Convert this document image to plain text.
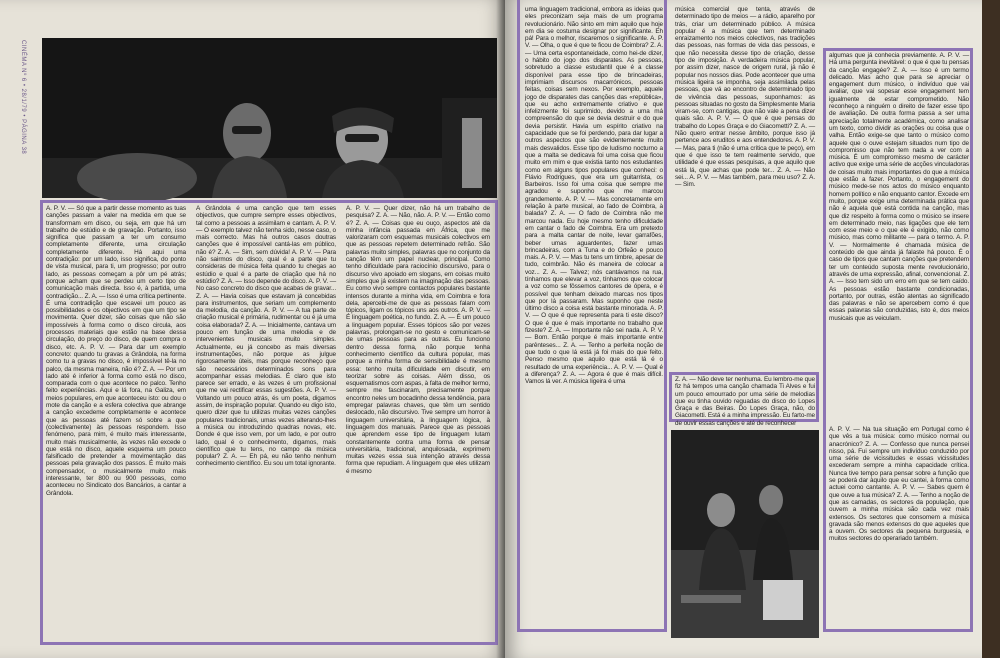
CINÉMA Nº 6 • 28/1/79 • PÁGINA 38

A. P. V. — Só que a partir desse momento as tuas canções passam a valer na medida em que se transformam em disco, ou seja, em que há um trabalho de estúdio e de gravação. Portanto, isso significa que passam a ter um consumo completamente diferente, uma circulação completamente diferente. Há aqui uma contradição: por um lado, isso significa, do ponto de vista musical, para ti, um progresso; por outro lado, as pessoas começam a pôr um pé atrás; porque acham que se perdeu um certo tipo de comunicação mais directa. Isso é, à partida, uma contradição... Z. A. — Isso é uma crítica pertinente. É uma contradição que escavei um pouco as possibilidades e os objectivos em que um tipo se movimenta. Quer dizer, são coisas que não são impossíveis à forma como o disco circula, aos processos materiais que estão na base dessa circulação, do preço do disco, de quem compra o disco, etc. A. P. V. — Para dar um exemplo concreto: quando tu gravas a Grândola, na forma como tu a gravas no disco, é impossível tê-la no palco, da mesma maneira, não é? Z. A. — Por um lado até é inferior à forma como está no disco, comparada com o que acontece no palco. Tenho feito experiências. Aqui e lá fora, na Galiza, em meios populares, em que aconteceu isto: ou dou o mote da canção e a esfera colectiva que abrange a canção excedeme completamente e acontece que as pessoas até fazem só sobre a que (colectivamente) às pessoas respondem. Isso fenómeno, para mim, é muito mais interessante, muito mais musicalmente, às vezes não excede o que está no disco, aquele esquema um pouco falsificado de pretender a movimentação das pessoas pela gravação dos passos. É muito mais compensador, o musicalmente muito mais interessante, ter 800 ou 900 pessoas, como aconteceu no Sindicato dos Bancários, a cantar a Grândola.

A Grândola é uma canção que tem esses objectivos, que cumpre sempre esses objectivos, tal como a pessoas a assimilam e cantam. A. P. V. — O exemplo talvez não tenha sido, nesse caso, o mais correcto. Mas há outros casos doutras canções que é impossível cantá-las em público, não é? Z. A. — Sim, sem dúvida! A. P. V. — Para não sairmos do disco, qual é a parte que tu consideras de música feita quando tu chegas ao estúdio e qual é a parte de criação que há no estúdio? Z. A. — Isso depende do disco. A. P. V. — No caso concreto do disco que acabas de gravar... Z. A. — Havia coisas que estavam já concebidas para instrumentos, que seriam um complemento da melodia, da canção. A. P. V. — A tua parte de criação musical é primária, rudimentar ou é já uma coisa elaborada? Z. A. — Inicialmente, cantava um pouco em função de uma melodia e de intervenientes musicais muito simples. Actualmente, eu já concebo as mais diversas instrumentações, não porque as julgue rigorosamente úteis, mas porque reconheço que são necessários determinados sons para acompanhar essas melodias. É claro que isto parece ser errado, e às vezes é um profissional que me vai rectificar essas sugestões. A. P. V. — Voltando um pouco atrás, és um poeta, digamos assim, de inspiração popular. Quando eu digo isto, quero dizer que tu utilizas muitas vezes canções populares tradicionais, umas vezes alterando-lhes a música ou introduzindo quadras novas, etc. Donde é que isso vem, por um lado, e por outro lado, qual é o conhecimento, digamos, mais científico que tu tens, no campo da música popular? Z. A. — Eh pá, eu não tenho nenhum conhecimento científico. Eu sou um total ignorante.

A. P. V. — Quer dizer, não há um trabalho de pesquisa? Z. A. — Não, não. A. P. V. — Então como é? Z. A. — Coisas que eu ouço, aspectos até da minha infância passada em África, que me valorizaram com esquemas musicais colectivos em que as pessoas repetem determinado refrão. São palavras muito simples, palavras que no conjunto da canção têm um papel nuclear, principal. Como tenho dificuldade para raciocínio discursivo, para o discurso vivo apoiado em slogans, em coisas muito simples que já existem na imaginação das pessoas. Eu como vivo sempre contactos populares bastante intensos durante a minha vida, em Coimbra e fora dela, apercebi-me de que as pessoas falam com tópicos, ligam os tópicos uns aos outros. A. P. V. — É linguagem poética, no fundo. Z. A. — É um pouco a linguagem popular. Esses tópicos são por vezes palavras, prolongam-se no gesto e comunicam-se de umas pessoas para as outras. Eu funciono dentro dessa forma, não porque tenha conhecimento científico da cultura popular, mas porque a minha forma de sensibilidade é mesmo essa: tenho muita dificuldade em discutir, em teorizar sobre as coisas. Além disso, os esquematismos com aspas, à falta de melhor termo, sempre me fascinaram, precisamente porque encontro neles um bocadinho dessa tendência, para empregar palavras chaves, que têm um sentido deslocado, não discursivo. Tive sempre um horror à linguagem universitária, à linguagem lógica, à linguagem dos manuais. Parece que as pessoas que aprendem esse tipo de linguagem lutam constantemente contra uma forma de pensar universitária, tradicional, anquilosada, exprimem muitas vezes essa sua intenção através dessa forma que repudiam. A linguagem que eles utilizam é mesmo

uma linguagem tradicional, embora as ideias que eles preconizam seja mais de um programa revolucionário. Não sinto em mim aquilo que hoje em dia se costuma designar por significante. Eh pá! Para o melhor, riscaremos o significante. A. P. V. — Olha, o que é que te ficou de Coimbra? Z. A. — Uma certa espontaneidade, como hei-de dizer, o hábito do jogo dos disparates. As pessoas, sobretudo a classe estudantil que é a classe disponível para esse tipo de brincadeiras, imprimiam discursos macarrónicos, pessoas feitas, coisas sem nexos. Por exemplo, aquele jogo de disparates das canções das «república», que eu acho extremamente criativo e que infelizmente foi suprimido, devido a uma má compreensão do que se devia destruir e do que devia persistir. Havia um espírito criativo na capacidade que se foi perdendo, para dar lugar a outros aspectos que são evidentemente muito mais desvalidos. Esse tipo de ludismo nocturno a que a malta se dedicava foi uma coisa que ficou muito em mim e que existia tanto nos estudantes como em alguns tipos populares que conheci: o Flávio Rodrigues, que era um guitarrista, os Barbeiros. Isso foi uma coisa que sempre me agradou e suponho que me marcou grandemente. A. P. V. — Mas concretamente em relação à parte musical, ao fado de Coimbra, à balada? Z. A. — O fado de Coimbra não me marcou nada. Eu hoje mesmo tenho dificuldade em cantar o fado de Coimbra. Era um pretexto para a malta cantar de noite, levar garrafões, beber umas aguardentes, fazer umas brincadeiras, com a Tuna e do Orfeão e pouco mais. A. P. V. — Mas tu tens um timbre, apesar de tudo, coimbrão. Não és maneira de colocar a voz... Z. A. — Talvez; nós cantávamos na rua, tínhamos que elevar a voz, tínhamos que colocar a voz como se fôssemos cantores de ópera, e é possível que tenham deixado marcas nos tipos que por lá passaram. Mas suponho que neste último disco a coisa está bastante minorada. A. P. V. — O que é que representa para ti este disco? O que é que é mais importante no trabalho que fizeste? Z. A. — Importante não sei nada. A. P. V. — Bom. Então porque é mais importante entre parênteses... Z. A. — Tenho a perfeita noção de que tudo o que lá está já foi mais do que feito. Penso mesmo que aquilo que está lá é o resultado de uma experiência... A. P. V. — Qual é a diferença? Z. A. — Agora é que é mais difícil. Vamos lá ver. A música ligeira é uma

música comercial que tenta, através de determinado tipo de meios — a rádio, aparelho por trás, criar um determinado público. A música popular é a música que tem determinado enraizamento nos meios colectivos, nas tradições das pessoas, nas formas de vida das pessoas, e que não necessita desse tipo de criação, desse tipo de imposição. A verdadeira música popular, por assim dizer, nasce de origem rural, já não é popular nos nossos dias. Pode acontecer que uma música ligeira se imponha, seja assimilada pelas pessoas, que vá ao encontro de determinado tipo de vivência das pessoas, suponhamos: as pessoas situadas no gosto da Simplesmente Maria viram-se, com cantigas, que não vale a pena dizer quais são. A. P. V. — O que é que pensas do trabalho do Lopes Graça e do Giacometti? Z. A. — Não quero entrar nesse âmbito, porque isso já pertence aos eruditos e aos entendedores. A. P. V. — Mas, para ti (não é uma crítica que te peço), em que é que isso te tem realmente servido, que utilidade é que essas pesquisas, a que aquilo que está lá, que achas que pode ter... Z. A. — Não sei... A. P. V. — Mas também, para meu uso? Z. A. — Sim.

Z. A. — Não deve ter nenhuma. Eu lembro-me que fiz há tempos uma canção chamada Ti Alves e fui um pouco emourrado por uma série de melodias que eu tinha ouvido reguadas do disco do Lopes Graça e das Beiras. Do Lopes Graça, não, do Giacometti. Está é a minha impressão. Eu farto-me de ouvir essas canções e até de reconhecer

algumas que já conhecia previamente. A. P. V. — Há uma pergunta inevitável: o que é que tu pensas da canção engagée? Z. A. — Isso é um termo delicado. Mas acho que para se apreciar o engagement dum músico, o indivíduo que vai avaliar, que vai sopesar esse engagement tem igualmente de estar comprometido. Não reconheço a ninguém o direito de fazer esse tipo de avaliação. De outra forma passa a ser uma apreciação totalmente académica, como analisar um texto, como dividir as orações ou coisa que o valha. Então exige-se que tanto o músico como aquele que o ouve estejam situados num tipo de compromisso que não tem nada a ver com a música. É um compromisso mesmo de carácter activo que exige uma série de acções vinculadoras de coisas muito mais importantes do que a música que estão a fazer. Portanto, o engagement do músico mede-se nos actos do músico enquanto homem político e não enquanto cantor. Excede em muito, porque exige uma determinada prática que não é aquela que está contida na canção, mas que diz respeito à forma como o músico se insere em determinado meio, nas ligações que ele tem com esse meio e o que ele é exigido, não como músico, mas como militante — para o termo. A. P. V. — Normalmente é chamada música de conteúdo de que ainda já falaste há pouco. É o caso de tipos que cantam canções que pretendem ter um conteúdo suposta mente revolucionário, através de uma expressão, afinal, convencional. Z. A. — Isso tem sido um erro em que se tem caído. As pessoas estão bastante condicionadas, portanto, por outras, estão atentas ao significado das palavras e não se apercebem como é que essas palavras são conduzidas, isto é, dos meios musicais que as veiculam.

A. P. V. — Na tua situação em Portugal como é que vês a tua música: como músico normal ou anacrónico? Z. A. — Confesso que nunca pensei nisso, pá. Fui sempre um indivíduo conduzido por uma série de vicissitudes e essas vicissitudes excederam sempre a minha capacidade crítica. Nunca tive tempo para pensar sobre a função que se poderá dar àquilo que eu cantei, à forma como actuei como cantante. A. P. V. — Sabes quem é que ouve a tua música? Z. A. — Tenho a noção de que as camadas, os sectores da população, que ouvem a minha música são cada vez mais extensos. Os sectores que consomem a música gravada são menos extensos do que aqueles que a ouvem. Os sectores da pequena burguesia, e muitos sectores do operariado também.
